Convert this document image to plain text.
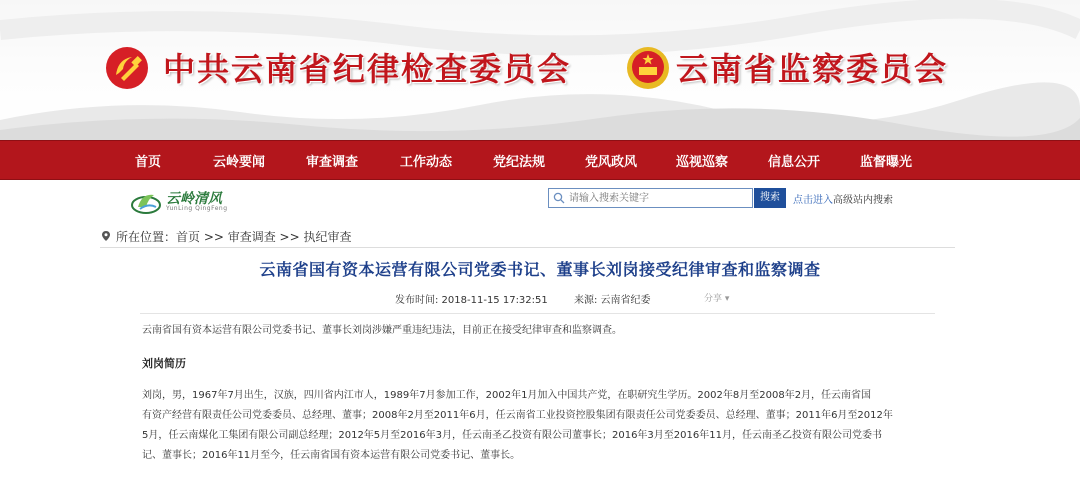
中共云南省纪律检查委员会	云南省监察委员会
首页	云岭要闻	审查调查	工作动态	党纪法规	党风政风	巡视巡察	信息公开	监督曝光
云岭清风
YunLing QingFeng
请输入搜索关键字
搜索	点击进入高级站内搜索
所在位置：首页 >> 审查调查 >> 执纪审查
云南省国有资本运营有限公司党委书记、董事长刘岗接受纪律审查和监察调查
发布时间: 2018-11-15 17:32:51	来源: 云南省纪委	分享 ▾
云南省国有资本运营有限公司党委书记、董事长刘岗涉嫌严重违纪违法，目前正在接受纪律审查和监察调查。
刘岗简历
刘岗，男，1967年7月出生，汉族，四川省内江市人，1989年7月参加工作，2002年1月加入中国共产党，在职研究生学历。2002年8月至2008年2月，任云南省国
有资产经营有限责任公司党委委员、总经理、董事；2008年2月至2011年6月，任云南省工业投资控股集团有限责任公司党委委员、总经理、董事；2011年6月至2012年
5月，任云南煤化工集团有限公司副总经理；2012年5月至2016年3月，任云南圣乙投资有限公司董事长；2016年3月至2016年11月，任云南圣乙投资有限公司党委书
记、董事长；2016年11月至今，任云南省国有资本运营有限公司党委书记、董事长。
